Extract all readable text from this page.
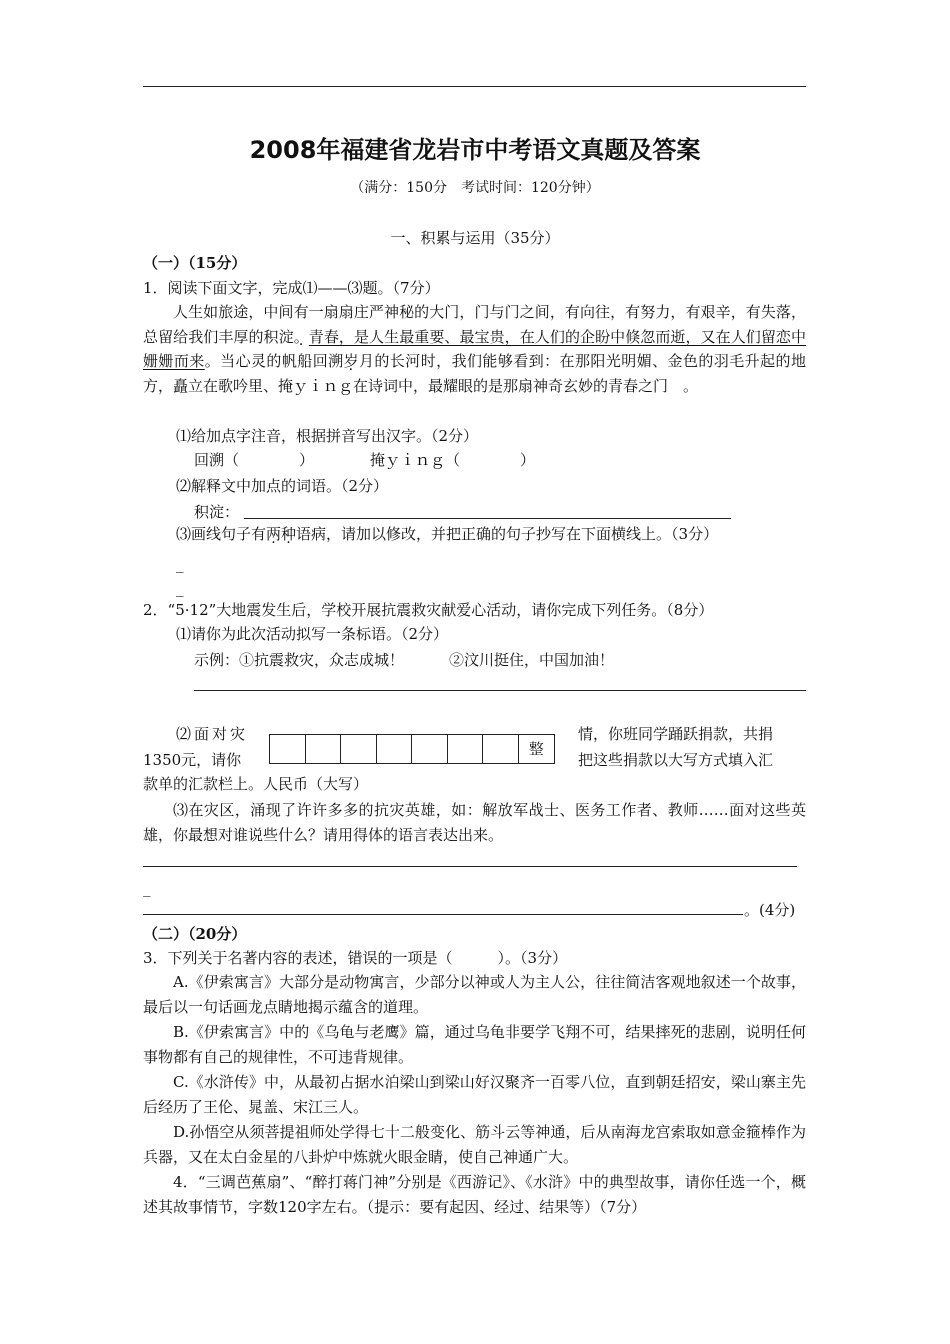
2008年福建省龙岩市中考语文真题及答案
（满分：150分　考试时间：120分钟）
一、积累与运用（35分）
（一）（15分）
1．阅读下面文字，完成⑴——⑶题。（7分）
人生如旅途，中间有一扇扇庄严神秘的大门，门与门之间，有向往，有努力，有艰辛，有失落，总留给我们丰厚的积淀。青春，是人生最重要、最宝贵，在人们的企盼中倏忽而逝，又在人们留恋中姗姗而来。当心灵的帆船回溯岁月的长河时，我们能够看到：在那阳光明媚、金色的羽毛升起的地方，矗立在歌吟里、掩ｙｉｎｇ在诗词中，最耀眼的是那扇神奇玄妙的青春之门　。
⑴给加点字注音，根据拼音写出汉字。（2分）
回溯（　　　　）	掩ｙｉｎｇ（　　　　）
⑵解释文中加点的词语。（2分）
积淀：
⑶画线句子有两种语病，请加以修改，并把正确的句子抄写在下面横线上。（3分）
_
_
2．“5·12”大地震发生后，学校开展抗震救灾献爱心活动，请你完成下列任务。（8分）
⑴请你为此次活动拟写一条标语。（2分）
示例：①抗震救灾，众志成城！　　　②汶川挺住，中国加油！
⑵面对灾	情，你班同学踊跃捐款，共捐
1350元，请你	把这些捐款以大写方式填入汇
整
款单的汇款栏上。人民币（大写）
⑶在灾区，涌现了许许多多的抗灾英雄，如：解放军战士、医务工作者、教师……面对这些英雄，你最想对谁说些什么？请用得体的语言表达出来。
_
。(4分)
（二）（20分）
3．下列关于名著内容的表述，错误的一项是（　　　）。（3分）
A.《伊索寓言》大部分是动物寓言，少部分以神或人为主人公，往往简洁客观地叙述一个故事，最后以一句话画龙点睛地揭示蕴含的道理。
B.《伊索寓言》中的《乌龟与老鹰》篇，通过乌龟非要学飞翔不可，结果摔死的悲剧，说明任何事物都有自己的规律性，不可违背规律。
C.《水浒传》中，从最初占据水泊梁山到梁山好汉聚齐一百零八位，直到朝廷招安，梁山寨主先后经历了王伦、晁盖、宋江三人。
D.孙悟空从须菩提祖师处学得七十二般变化、筋斗云等神通，后从南海龙宫索取如意金箍棒作为兵器，又在太白金星的八卦炉中炼就火眼金睛，使自己神通广大。
4．“三调芭蕉扇”、“醉打蒋门神”分别是《西游记》、《水浒》中的典型故事，请你任选一个，概述其故事情节，字数120字左右。（提示：要有起因、经过、结果等）（7分）
